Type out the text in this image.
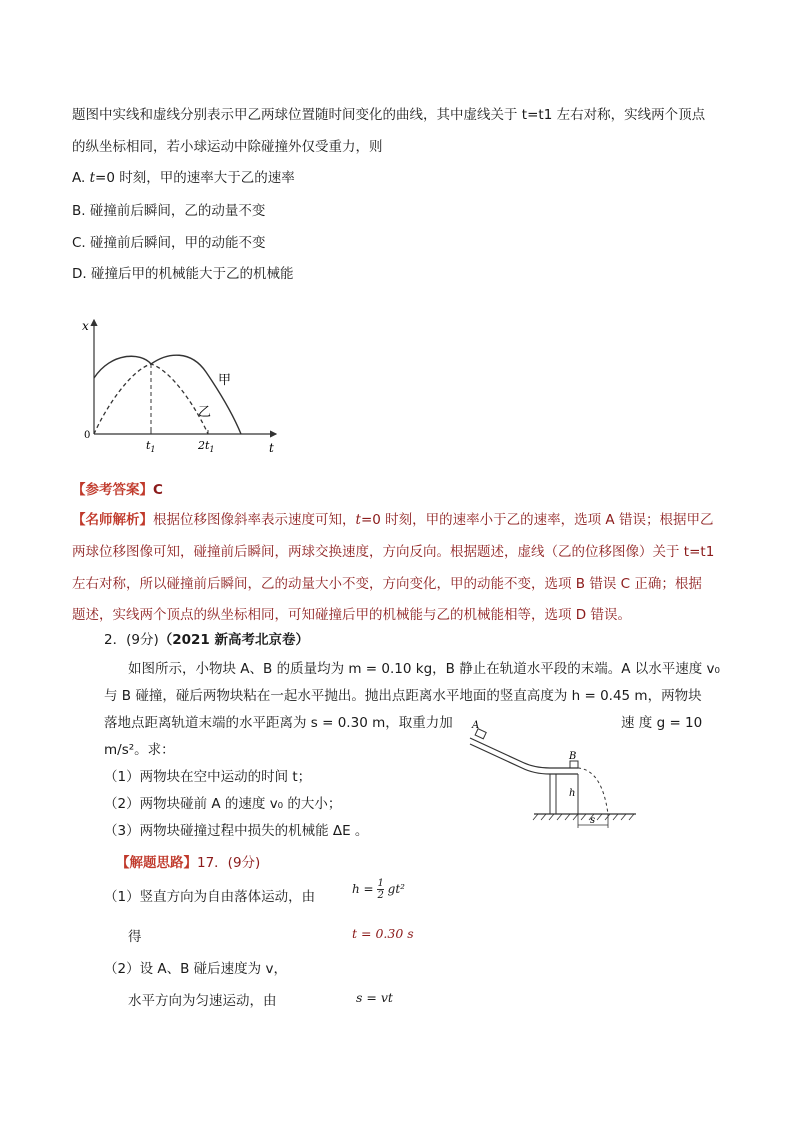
题图中实线和虚线分别表示甲乙两球位置随时间变化的曲线，其中虚线关于 t=t1 左右对称，实线两个顶点
的纵坐标相同，若小球运动中除碰撞外仅受重力，则
A. t=0 时刻，甲的速率大于乙的速率
B. 碰撞前后瞬间，乙的动量不变
C. 碰撞前后瞬间，甲的动能不变
D. 碰撞后甲的机械能大于乙的机械能
x
t
0
$t_1$	$2t_1$
甲
乙
【参考答案】C
【名师解析】根据位移图像斜率表示速度可知，t=0 时刻，甲的速率小于乙的速率，选项 A 错误；根据甲乙
两球位移图像可知，碰撞前后瞬间，两球交换速度，方向反向。根据题述，虚线（乙的位移图像）关于 t=t1
左右对称，所以碰撞前后瞬间，乙的动量大小不变，方向变化，甲的动能不变，选项 B 错误 C 正确；根据
题述，实线两个顶点的纵坐标相同，可知碰撞后甲的机械能与乙的机械能相等，选项 D 错误。
2．(9分)（2021 新高考北京卷）
如图所示，小物块 A、B 的质量均为 m = 0.10 kg，B 静止在轨道水平段的末端。A 以水平速度 v₀
与 B 碰撞，碰后两物块粘在一起水平抛出。抛出点距离水平地面的竖直高度为 h = 0.45 m，两物块
落地点距离轨道末端的水平距离为 s = 0.30 m，取重力加	速 度 g = 10
m/s²。求：
（1）两物块在空中运动的时间 t；
（2）两物块碰前 A 的速度 v₀ 的大小；
（3）两物块碰撞过程中损失的机械能 ΔE 。
A
B
h
s
【解题思路】17．(9分)
（1）竖直方向为自由落体运动，由	$h = \frac{1}{2} gt^2$
得	t = 0.30 s
（2）设 A、B 碰后速度为 v，
水平方向为匀速运动，由	s = vt
